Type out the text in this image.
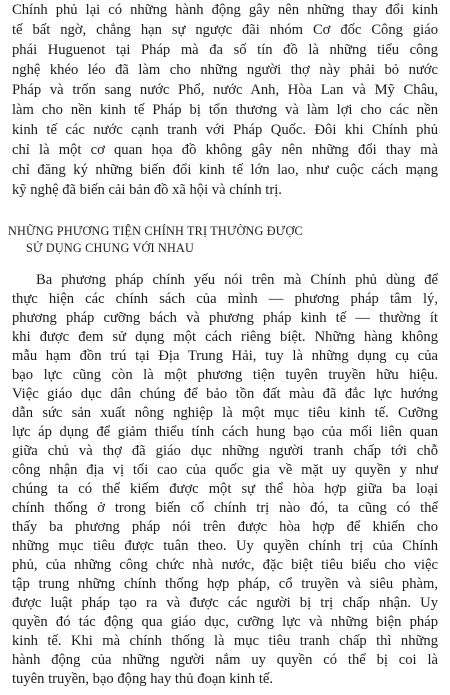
Chính phủ lại có những hành động gây nên những thay đổi kinh
tế bất ngờ, chẳng hạn sự ngược đãi nhóm Cơ đốc Công giáo
phái Huguenot tại Pháp mà đa số tín đồ là những tiểu công
nghệ khéo léo đã làm cho những người thợ này phải bỏ nước
Pháp và trốn sang nước Phổ, nước Anh, Hòa Lan và Mỹ Châu,
làm cho nền kinh tế Pháp bị tổn thương và làm lợi cho các nền
kinh tế các nước cạnh tranh với Pháp Quốc. Đôi khi Chính phủ
chỉ là một cơ quan họa đồ không gây nên những đổi thay mà
chỉ đăng ký những biến đổi kinh tế lớn lao, như cuộc cách mạng
kỹ nghệ đã biến cải bản đồ xã hội và chính trị.
NHỮNG PHƯƠNG TIỆN CHÍNH TRỊ THƯỜNG ĐƯỢC
SỬ DỤNG CHUNG VỚI NHAU
Ba phương pháp chính yếu nói trên mà Chính phủ dùng để
thực hiện các chính sách của mình — phương pháp tâm lý,
phương pháp cưỡng bách và phương pháp kinh tế — thường ít
khi được đem sử dụng một cách riêng biệt. Những hàng không
mẫu hạm đồn trú tại Địa Trung Hải, tuy là những dụng cụ của
bạo lực cũng còn là một phương tiện tuyên truyền hữu hiệu.
Việc giáo dục dân chúng để bảo tồn đất màu đã đắc lực hướng
dẫn sức sản xuất nông nghiệp là một mục tiêu kinh tế. Cưỡng
lực áp dụng để giảm thiểu tính cách hung bạo của mối liên quan
giữa chủ và thợ đã giáo dục những người tranh chấp tới chỗ
công nhận địa vị tối cao của quốc gia về mặt uy quyền y như
chúng ta có thể kiếm được một sự thể hòa hợp giữa ba loại
chính thống ở trong biến cố chính trị nào đó, ta cũng có thể
thấy ba phương pháp nói trên được hòa hợp để khiến cho
những mục tiêu được tuân theo. Uy quyền chính trị của Chính
phủ, của những công chức nhà nước, đặc biệt tiêu biểu cho việc
tập trung những chính thống hợp pháp, cổ truyền và siêu phàm,
được luật pháp tạo ra và được các người bị trị chấp nhận. Uy
quyền đó tác động qua giáo dục, cưỡng lực và những biện pháp
kinh tế. Khi mà chính thống là mục tiêu tranh chấp thì những
hành động của những người nắm uy quyền có thể bị coi là
tuyên truyền, bạo động hay thủ đoạn kinh tế.
